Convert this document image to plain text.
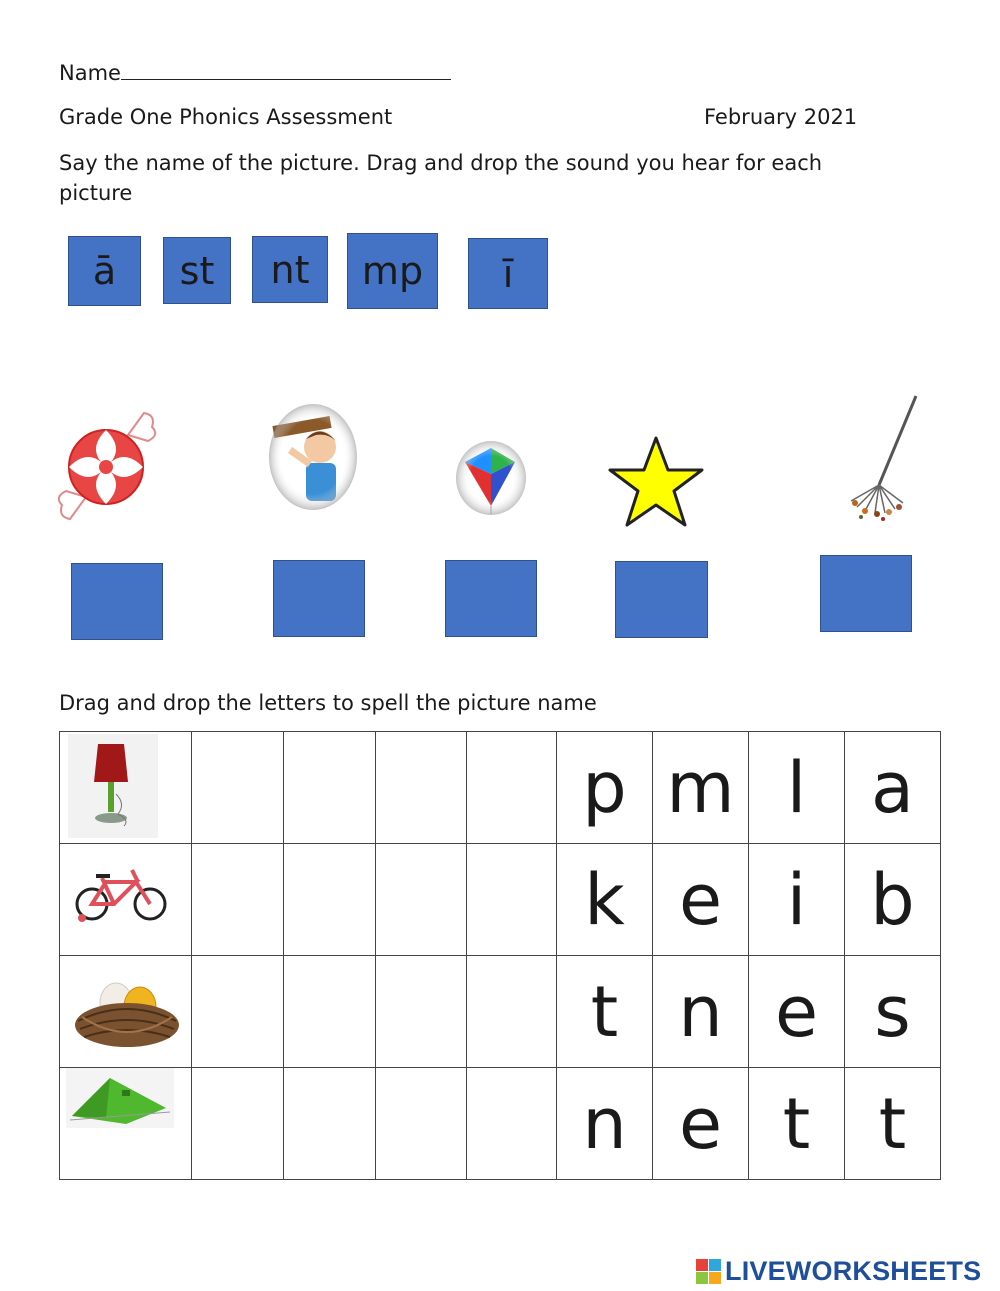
Name
Grade One Phonics Assessment	February 2021
Say the name of the picture. Drag and drop the sound you hear for each picture
ā	st	nt	mp	ī
Drag and drop the letters to spell the picture name
					p	m	l	a

					k	e	i	b

					t	n	e	s

					n	e	t	t
LIVEWORKSHEETS
